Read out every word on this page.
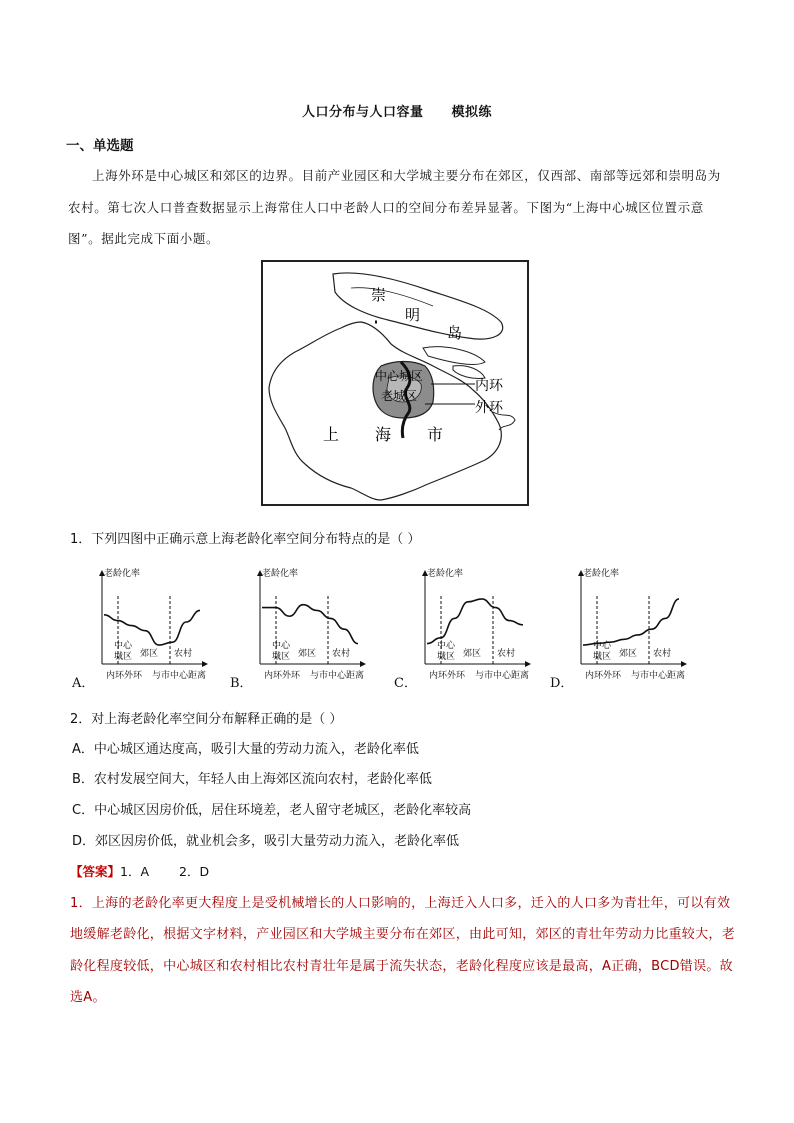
人口分布与人口容量 模拟练
一、单选题
上海外环是中心城区和郊区的边界。目前产业园区和大学城主要分布在郊区，仅西部、南部等远郊和崇明岛为农村。第七次人口普查数据显示上海常住人口中老龄人口的空间分布差异显著。下图为“上海中心城区位置示意图”。据此完成下面小题。
崇
明
岛
中心城区
老城区
内环
外环
上 海 市
1．下列四图中正确示意上海老龄化率空间分布特点的是（ ）
老龄化率
中心
城区 郊区 农村
内环外环 与市中心距离
A．
老龄化率
中心
城区 郊区 农村
内环外环 与市中心距离
B．
老龄化率
中心
城区 郊区 农村
内环外环 与市中心距离
C．
老龄化率
中心
城区 郊区 农村
内环外环 与市中心距离
D．
2．对上海老龄化率空间分布解释正确的是（ ）
A．中心城区通达度高，吸引大量的劳动力流入，老龄化率低
B．农村发展空间大，年轻人由上海郊区流向农村，老龄化率低
C．中心城区因房价低，居住环境差，老人留守老城区，老龄化率较高
D．郊区因房价低，就业机会多，吸引大量劳动力流入，老龄化率低
【答案】1．A 2．D
1．上海的老龄化率更大程度上是受机械增长的人口影响的，上海迁入人口多，迁入的人口多为青壮年，可以有效地缓解老龄化，根据文字材料，产业园区和大学城主要分布在郊区，由此可知，郊区的青壮年劳动力比重较大，老龄化程度较低，中心城区和农村相比农村青壮年是属于流失状态，老龄化程度应该是最高，A正确，BCD错误。故选A。
